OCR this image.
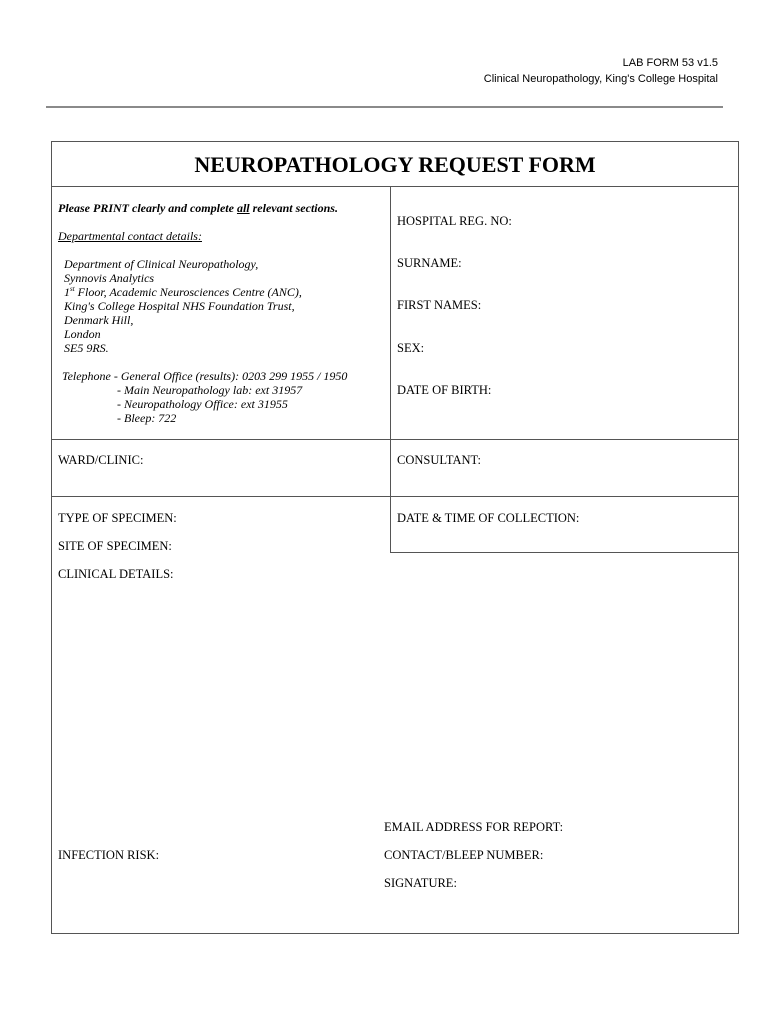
LAB FORM 53 v1.5
Clinical Neuropathology, King's College Hospital
NEUROPATHOLOGY REQUEST FORM
Please PRINT clearly and complete all relevant sections.
Departmental contact details:
Department of Clinical Neuropathology,
Synnovis Analytics
1st Floor, Academic Neurosciences Centre (ANC),
King's College Hospital NHS Foundation Trust,
Denmark Hill,
London
SE5 9RS.
Telephone - General Office (results): 0203 299 1955 / 1950
- Main Neuropathology lab: ext 31957
- Neuropathology Office: ext 31955
- Bleep: 722
HOSPITAL REG. NO:
SURNAME:
FIRST NAMES:
SEX:
DATE OF BIRTH:
WARD/CLINIC:	CONSULTANT:
TYPE OF SPECIMEN:	DATE & TIME OF COLLECTION:
SITE OF SPECIMEN:
CLINICAL DETAILS:
EMAIL ADDRESS FOR REPORT:
INFECTION RISK:	CONTACT/BLEEP NUMBER:
SIGNATURE:
